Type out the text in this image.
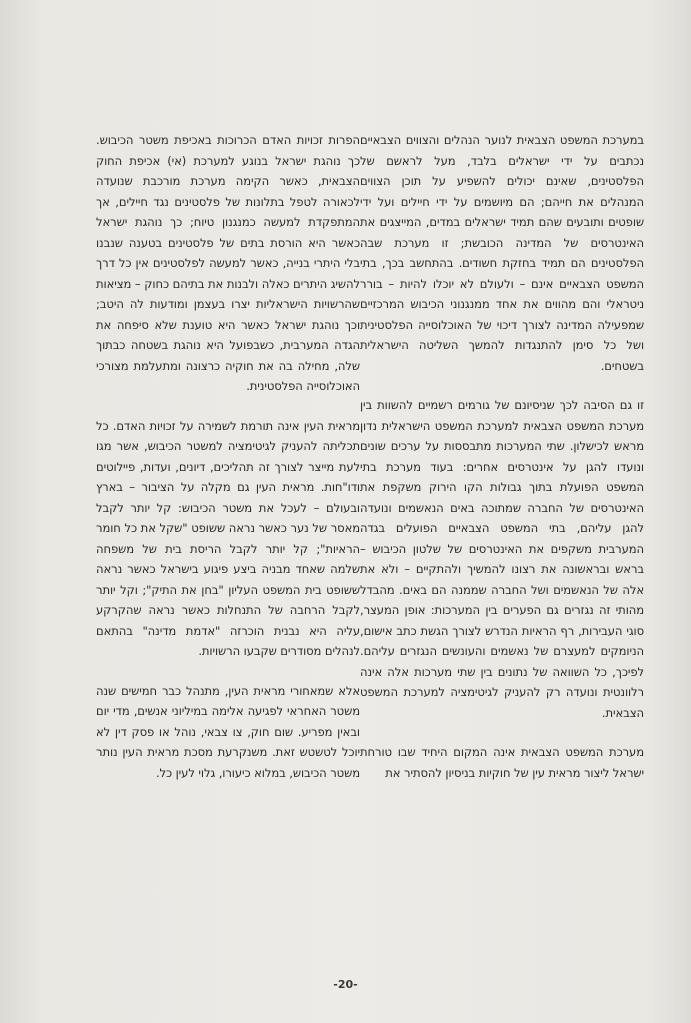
במערכת המשפט הצבאית לנוער הנהלים והצווים הצבאיים נכתבים על ידי ישראלים בלבד, מעל לראשם של הפלסטינים, שאינם יכולים להשפיע על תוכן הצווים המנהלים את חייהם; הם מיושמים על ידי חיילים ועל ידי שופטים ותובעים שהם תמיד ישראלים במדים, המייצגים את האינטרסים של המדינה הכובשת; זו מערכת שבה הפלסטינים הם תמיד בחזקת חשודים. בהתחשב בכך, בתי המשפט הצבאיים אינם – ולעולם לא יוכלו להיות – בורר ניטראלי והם מהווים את אחד ממנגנוני הכיבוש המרכזיים שמפעילה המדינה לצורך דיכוי של האוכלוסייה הפלסטינית ושל כל סימן להתנגדות להמשך השליטה הישראלית בשטחים.

זו גם הסיבה לכך שניסיונם של גורמים רשמיים להשוות בין מערכת המשפט הצבאית למערכת המשפט הישראלית נדון מראש לכישלון. שתי המערכות מתבססות על ערכים שונים ונועדו להגן על אינטרסים אחרים: בעוד מערכת בתי המשפט הפועלת בתוך גבולות הקו הירוק משקפת את האינטרסים של החברה שמתוכה באים הנאשמים ונועדה להגן עליהם, בתי המשפט הצבאיים הפועלים בגדה המערבית משקפים את האינטרסים של שלטון הכיבוש – בראש ובראשונה את רצונו להמשיך ולהתקיים – ולא את אלה של הנאשמים ושל החברה שממנה הם באים. מהבדל מהותי זה נגזרים גם הפערים בין המערכות: אופן המעצר, סוגי העבירות, רף הראיות הנדרש לצורך הגשת כתב אישום, הניומקים למעצרם של נאשמים והעונשים הנגזרים עליהם. לפיכך, כל השוואה של נתונים בין שתי מערכות אלה אינה רלוונטית ונועדה רק להעניק לגיטימציה למערכת המשפט הצבאית.

מערכת המשפט הצבאית אינה המקום היחיד שבו טורחת ישראל ליצור מראית עין של חוקיות בניסיון להסתיר את

הפרות זכויות האדם הכרוכות באכיפת משטר הכיבוש. כך נוהגת ישראל בנוגע למערכת (אי) אכיפת החוק הצבאית, כאשר הקימה מערכת מורכבת שנועדה לכאורה לטפל בתלונות של פלסטינים נגד חיילים, אך המתפקדת למעשה כמנגנון טיוח; כך נוהגת ישראל כאשר היא הורסת בתים של פלסטינים בטענה שנבנו בלי היתרי בנייה, כאשר למעשה לפלסטינים אין כל דרך להשיג היתרים כאלה ולבנות את בתיהם כחוק – מציאות שהרשויות הישראליות יצרו בעצמן ומודעות לה היטב; וכך נוהגת ישראל כאשר היא טוענת שלא סיפחה את הגדה המערבית, כשבפועל היא נוהגת בשטחה כבתוך שלה, מחילה בה את חוקיה כרצונה ומתעלמת מצורכי האוכלוסייה הפלסטינית.

מראית העין אינה תורמת לשמירה על זכויות האדם. כל תכליתה להעניק לגיטימציה למשטר הכיבוש, אשר מגו לעת מייצר לצורך זה תהליכים, דיונים, ועדות, פיילוטים ודו"חות. מראית העין גם מקלה על הציבור – בארץ ובעולם – לעכל את משטר הכיבוש: קל יותר לקבל מאסר של נער כאשר נראה ששופט "שקל את כל חומר הראיות"; קל יותר לקבל הריסת בית של משפחה שלמה שאחד מבניה ביצע פיגוע בישראל כאשר נראה ששופט בית המשפט העליון "בחן את התיק"; וקל יותר לקבל הרחבה של התנחלות כאשר נראה שהקרקע עליה היא נבנית הוכרזה "אדמת מדינה" בהתאם לנהלים מסודרים שקבעו הרשויות.

אלא שמאחורי מראית העין, מתנהל כבר חמישים שנה משטר האחראי לפגיעה אלימה במיליוני אנשים, מדי יום ובאין מפריע. שום חוק, צו צבאי, נוהל או פסק דין לא יוכל לטשטש זאת. משנקרעת מסכת מראית העין נותר משטר הכיבוש, במלוא כיעורו, גלוי לעין כל.

-20-
